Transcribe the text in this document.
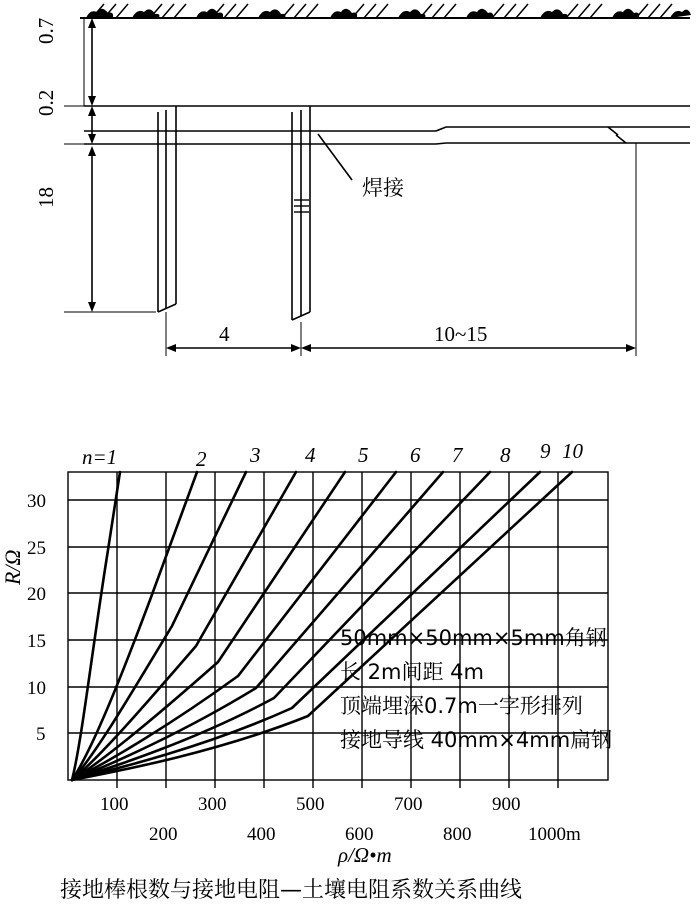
0.7
0.2
18	焊接
4	10~15
5
10
15
20
25
30
100	300	500	700	900
200	400	600	800	1000m
n=1	2 3 4 5 6 7 8 9 10
50mm×50mm×5mm角钢
长 2m间距 4m
顶端埋深0.7m一字形排列
接地导线 40mm×4mm扁钢
R/Ω
ρ/Ω•m
接地棒根数与接地电阻—土壤电阻系数关系曲线
